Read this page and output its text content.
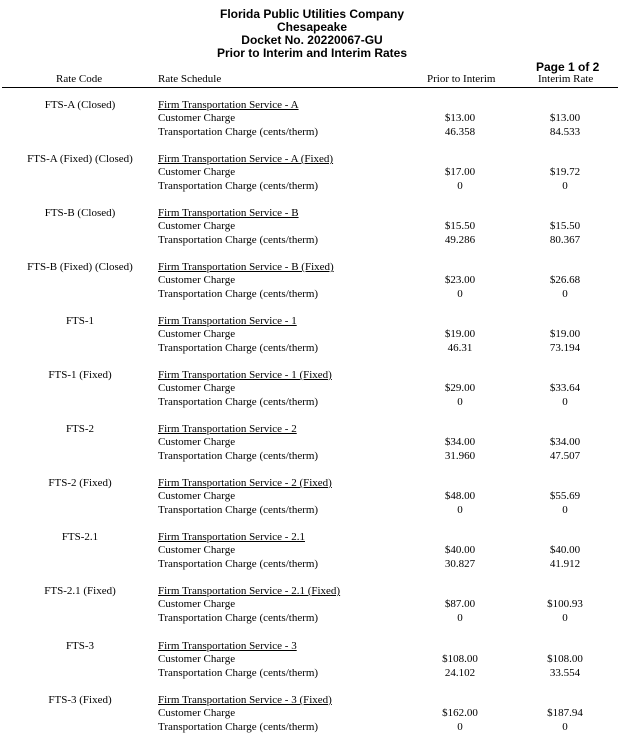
Florida Public Utilities Company
Chesapeake
Docket No. 20220067-GU
Prior to Interim and Interim Rates
Page 1 of 2
Rate Code	Rate Schedule	Prior to Interim	Interim Rate
FTS-A (Closed)	Firm Transportation Service - A
Customer Charge	$13.00	$13.00
Transportation Charge (cents/therm)	46.358	84.533
FTS-A (Fixed) (Closed)	Firm Transportation Service - A (Fixed)
Customer Charge	$17.00	$19.72
Transportation Charge (cents/therm)	0	0
FTS-B (Closed)	Firm Transportation Service - B
Customer Charge	$15.50	$15.50
Transportation Charge (cents/therm)	49.286	80.367
FTS-B (Fixed) (Closed)	Firm Transportation Service - B (Fixed)
Customer Charge	$23.00	$26.68
Transportation Charge (cents/therm)	0	0
FTS-1	Firm Transportation Service - 1
Customer Charge	$19.00	$19.00
Transportation Charge (cents/therm)	46.31	73.194
FTS-1 (Fixed)	Firm Transportation Service - 1 (Fixed)
Customer Charge	$29.00	$33.64
Transportation Charge (cents/therm)	0	0
FTS-2	Firm Transportation Service - 2
Customer Charge	$34.00	$34.00
Transportation Charge (cents/therm)	31.960	47.507
FTS-2 (Fixed)	Firm Transportation Service - 2 (Fixed)
Customer Charge	$48.00	$55.69
Transportation Charge (cents/therm)	0	0
FTS-2.1	Firm Transportation Service - 2.1
Customer Charge	$40.00	$40.00
Transportation Charge (cents/therm)	30.827	41.912
FTS-2.1 (Fixed)	Firm Transportation Service - 2.1 (Fixed)
Customer Charge	$87.00	$100.93
Transportation Charge (cents/therm)	0	0
FTS-3	Firm Transportation Service - 3
Customer Charge	$108.00	$108.00
Transportation Charge (cents/therm)	24.102	33.554
FTS-3 (Fixed)	Firm Transportation Service - 3 (Fixed)
Customer Charge	$162.00	$187.94
Transportation Charge (cents/therm)	0	0
